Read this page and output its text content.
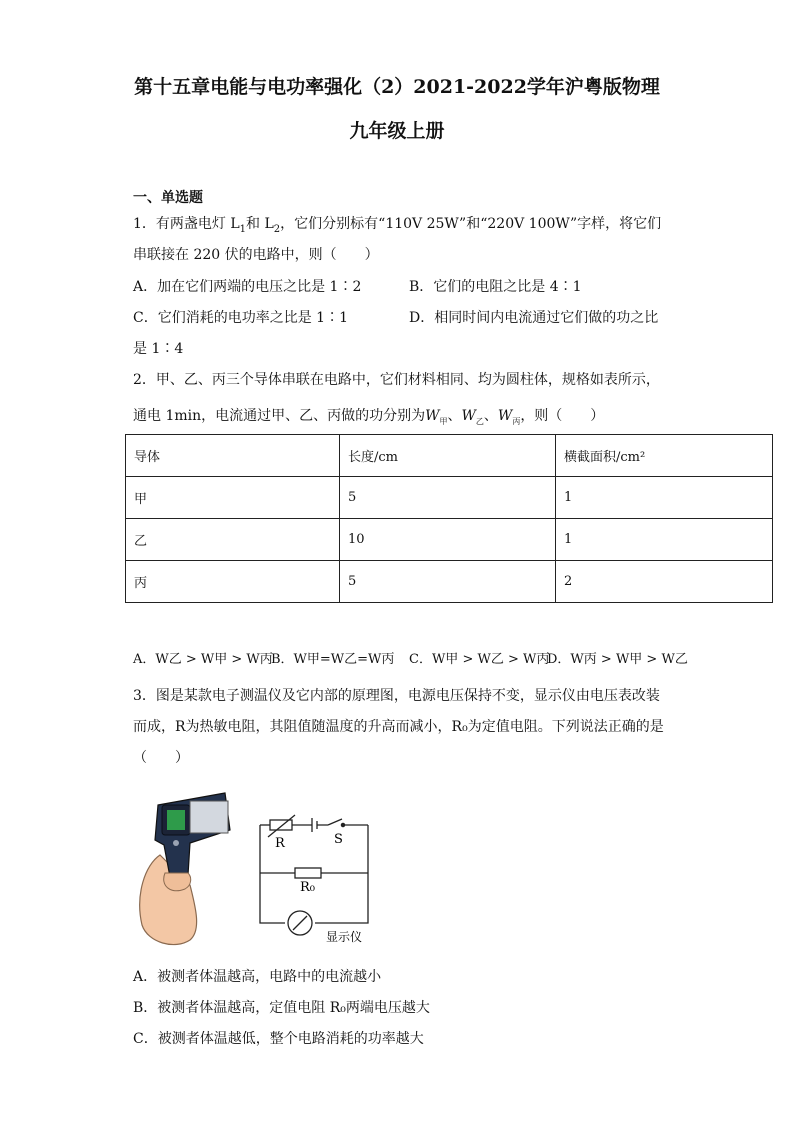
第十五章电能与电功率强化（2）2021-2022学年沪粤版物理
九年级上册
一、单选题
1．有两盏电灯 $L_1$和 $L_2$，它们分别标有“110V 25W”和“220V 100W”字样，将它们
串联接在 220 伏的电路中，则（　　）
A．加在它们两端的电压之比是 1∶2	B．它们的电阻之比是 4∶1
C．它们消耗的电功率之比是 1∶1	D．相同时间内电流通过它们做的功之比
是 1∶4
2．甲、乙、丙三个导体串联在电路中，它们材料相同、均为圆柱体，规格如表所示，
通电 1min，电流通过甲、乙、丙做的功分别为$W_甲$、$W_乙$、$W_丙$，则（　　）
导体	长度/cm	横截面积/cm²
甲	5	1
乙	10	1
丙	5	2
A．W乙 > W甲 > W丙
B．W甲=W乙=W丙 C．W甲 > W乙 > W丙
D．W丙 > W甲 > W乙
3．图是某款电子测温仪及它内部的原理图，电源电压保持不变，显示仪由电压表改装
而成，R为热敏电阻，其阻值随温度的升高而减小，R₀为定值电阻。下列说法正确的是
（　　）
R	S
R₀
显示仪
A．被测者体温越高，电路中的电流越小
B．被测者体温越高，定值电阻 R₀两端电压越大
C．被测者体温越低，整个电路消耗的功率越大
